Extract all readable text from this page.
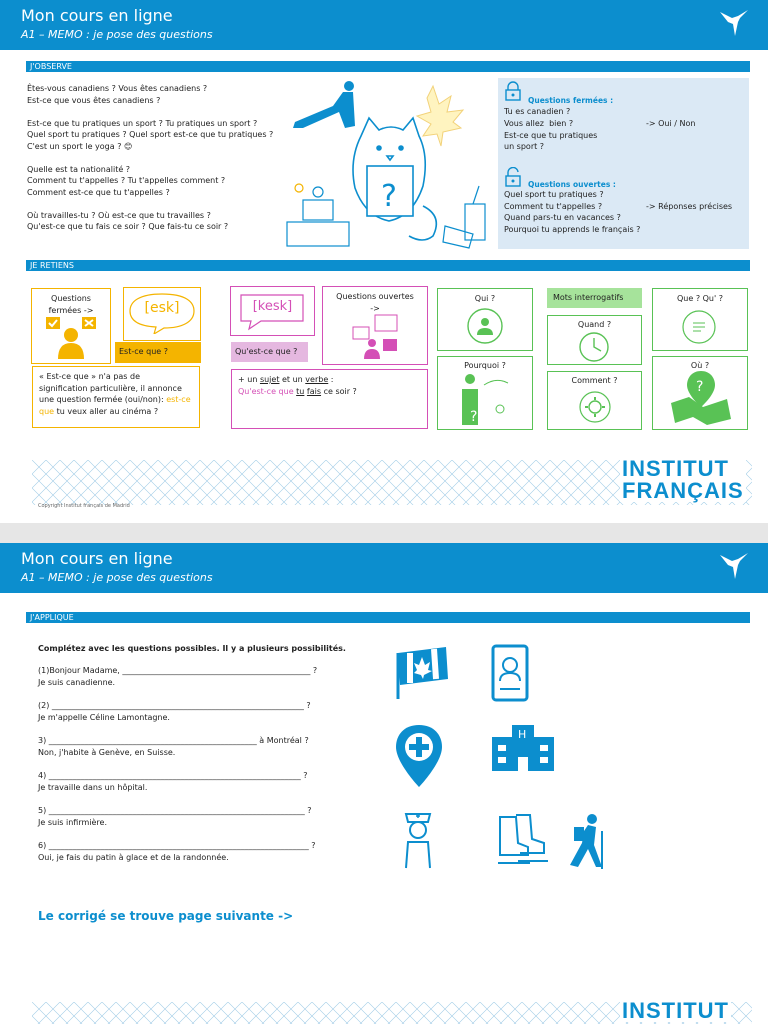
Mon cours en ligne
A1 – MEMO : je pose des questions
J'OBSERVE
Êtes-vous canadiens ? Vous êtes canadiens ?
Est-ce que vous êtes canadiens ?
Est-ce que tu pratiques un sport ? Tu pratiques un sport ?
Quel sport tu pratiques ? Quel sport est-ce que tu pratiques ?
C'est un sport le yoga ? 😊
Quelle est ta nationalité ?
Comment tu t'appelles ? Tu t'appelles comment ?
Comment est-ce que tu t'appelles ?
Où travailles-tu ? Où est-ce que tu travailles ?
Qu'est-ce que tu fais ce soir ? Que fais-tu ce soir ?
?
Questions fermées :
Tu es canadien ?
Vous allez  bien ?
Est-ce que tu pratiques
un sport ?
-> Oui / Non
Questions ouvertes :
Quel sport tu pratiques ?
Comment tu t'appelles ?
Quand pars-tu en vacances ?
Pourquoi tu apprends le français ?
-> Réponses précises
JE RETIENS
Questions
fermées ->	[esk]
Est-ce que ?
« Est-ce que » n'a pas de
signification particulière, il annonce
une question fermée (oui/non): est-ce
que tu veux aller au cinéma ?
[kesk]
Questions ouvertes
->
Qu'est-ce que ?
+ un sujet et un verbe :
Qu'est-ce que tu fais ce soir ?
Qui ?	Mots interrogatifs	Que ? Qu' ?
Quand ?
Pourquoi ?
?
Comment ?
Où ?
?
INSTITUT
FRANÇAIS
Copyright Institut français de Madrid
Mon cours en ligne
A1 – MEMO : je pose des questions
J'APPLIQUE
Complétez avec les questions possibles. Il y a plusieurs possibilités.
(1)Bonjour Madame, _______________________________________________ ?
Je suis canadienne.
(2) _______________________________________________________________ ?
Je m'appelle Céline Lamontagne.
3) ____________________________________________________ à Montréal ?
Non, j'habite à Genève, en Suisse.
4) _______________________________________________________________ ?
Je travaille dans un hôpital.
5) ________________________________________________________________ ?
Je suis infirmière.
6) _________________________________________________________________ ?
Oui, je fais du patin à glace et de la randonnée.
H
Le corrigé se trouve page suivante ->
INSTITUT
